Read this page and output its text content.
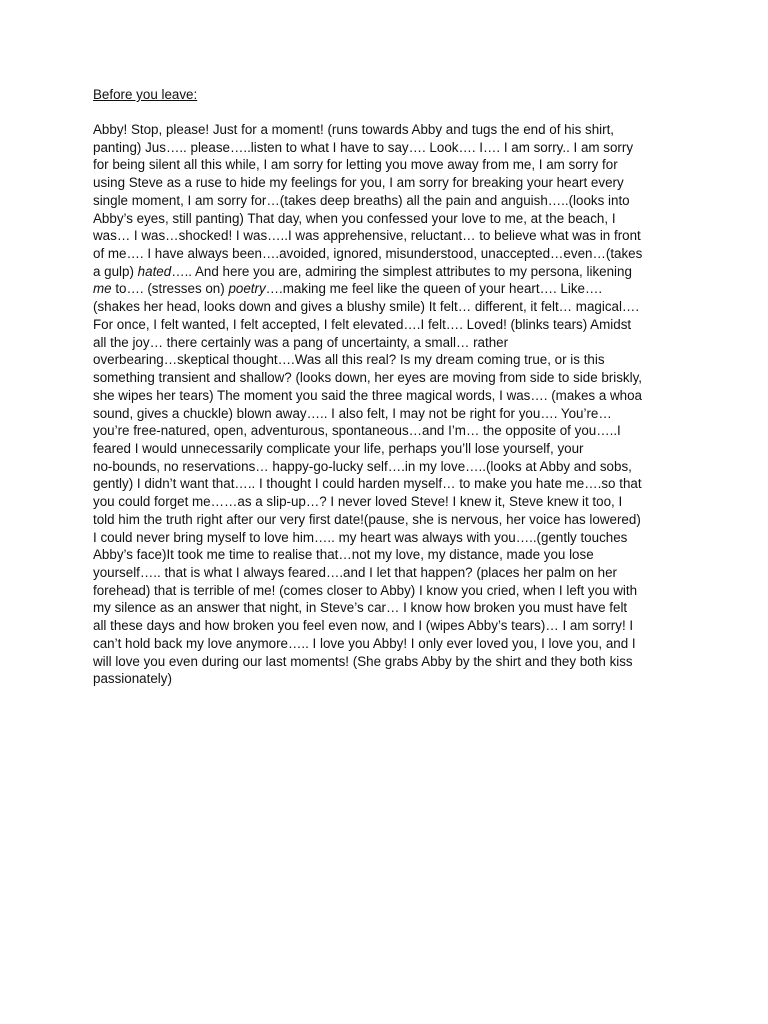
Before you leave:

Abby! Stop, please! Just for a moment! (runs towards Abby and tugs the end of his shirt,
panting) Jus….. please…..listen to what I have to say…. Look…. I…. I am sorry.. I am sorry
for being silent all this while, I am sorry for letting you move away from me, I am sorry for
using Steve as a ruse to hide my feelings for you, I am sorry for breaking your heart every
single moment, I am sorry for…(takes deep breaths) all the pain and anguish…..(looks into
Abby’s eyes, still panting) That day, when you confessed your love to me, at the beach, I
was… I was…shocked! I was…..I was apprehensive, reluctant… to believe what was in front
of me…. I have always been….avoided, ignored, misunderstood, unaccepted…even…(takes
a gulp) hated….. And here you are, admiring the simplest attributes to my persona, likening
me to…. (stresses on) poetry….making me feel like the queen of your heart…. Like….
(shakes her head, looks down and gives a blushy smile) It felt… different, it felt… magical….
For once, I felt wanted, I felt accepted, I felt elevated….I felt…. Loved! (blinks tears) Amidst
all the joy… there certainly was a pang of uncertainty, a small… rather
overbearing…skeptical thought….Was all this real? Is my dream coming true, or is this
something transient and shallow? (looks down, her eyes are moving from side to side briskly,
she wipes her tears) The moment you said the three magical words, I was…. (makes a whoa
sound, gives a chuckle) blown away….. I also felt, I may not be right for you…. You’re…
you’re free-natured, open, adventurous, spontaneous…and I’m… the opposite of you…..I
feared I would unnecessarily complicate your life, perhaps you’ll lose yourself, your
no-bounds, no reservations… happy-go-lucky self….in my love…..(looks at Abby and sobs,
gently) I didn’t want that….. I thought I could harden myself… to make you hate me….so that
you could forget me……as a slip-up…? I never loved Steve! I knew it, Steve knew it too, I
told him the truth right after our very first date!(pause, she is nervous, her voice has lowered)
I could never bring myself to love him….. my heart was always with you…..(gently touches
Abby’s face)It took me time to realise that…not my love, my distance, made you lose
yourself….. that is what I always feared….and I let that happen? (places her palm on her
forehead) that is terrible of me! (comes closer to Abby) I know you cried, when I left you with
my silence as an answer that night, in Steve’s car… I know how broken you must have felt
all these days and how broken you feel even now, and I (wipes Abby’s tears)… I am sorry! I
can’t hold back my love anymore….. I love you Abby! I only ever loved you, I love you, and I
will love you even during our last moments! (She grabs Abby by the shirt and they both kiss
passionately)
